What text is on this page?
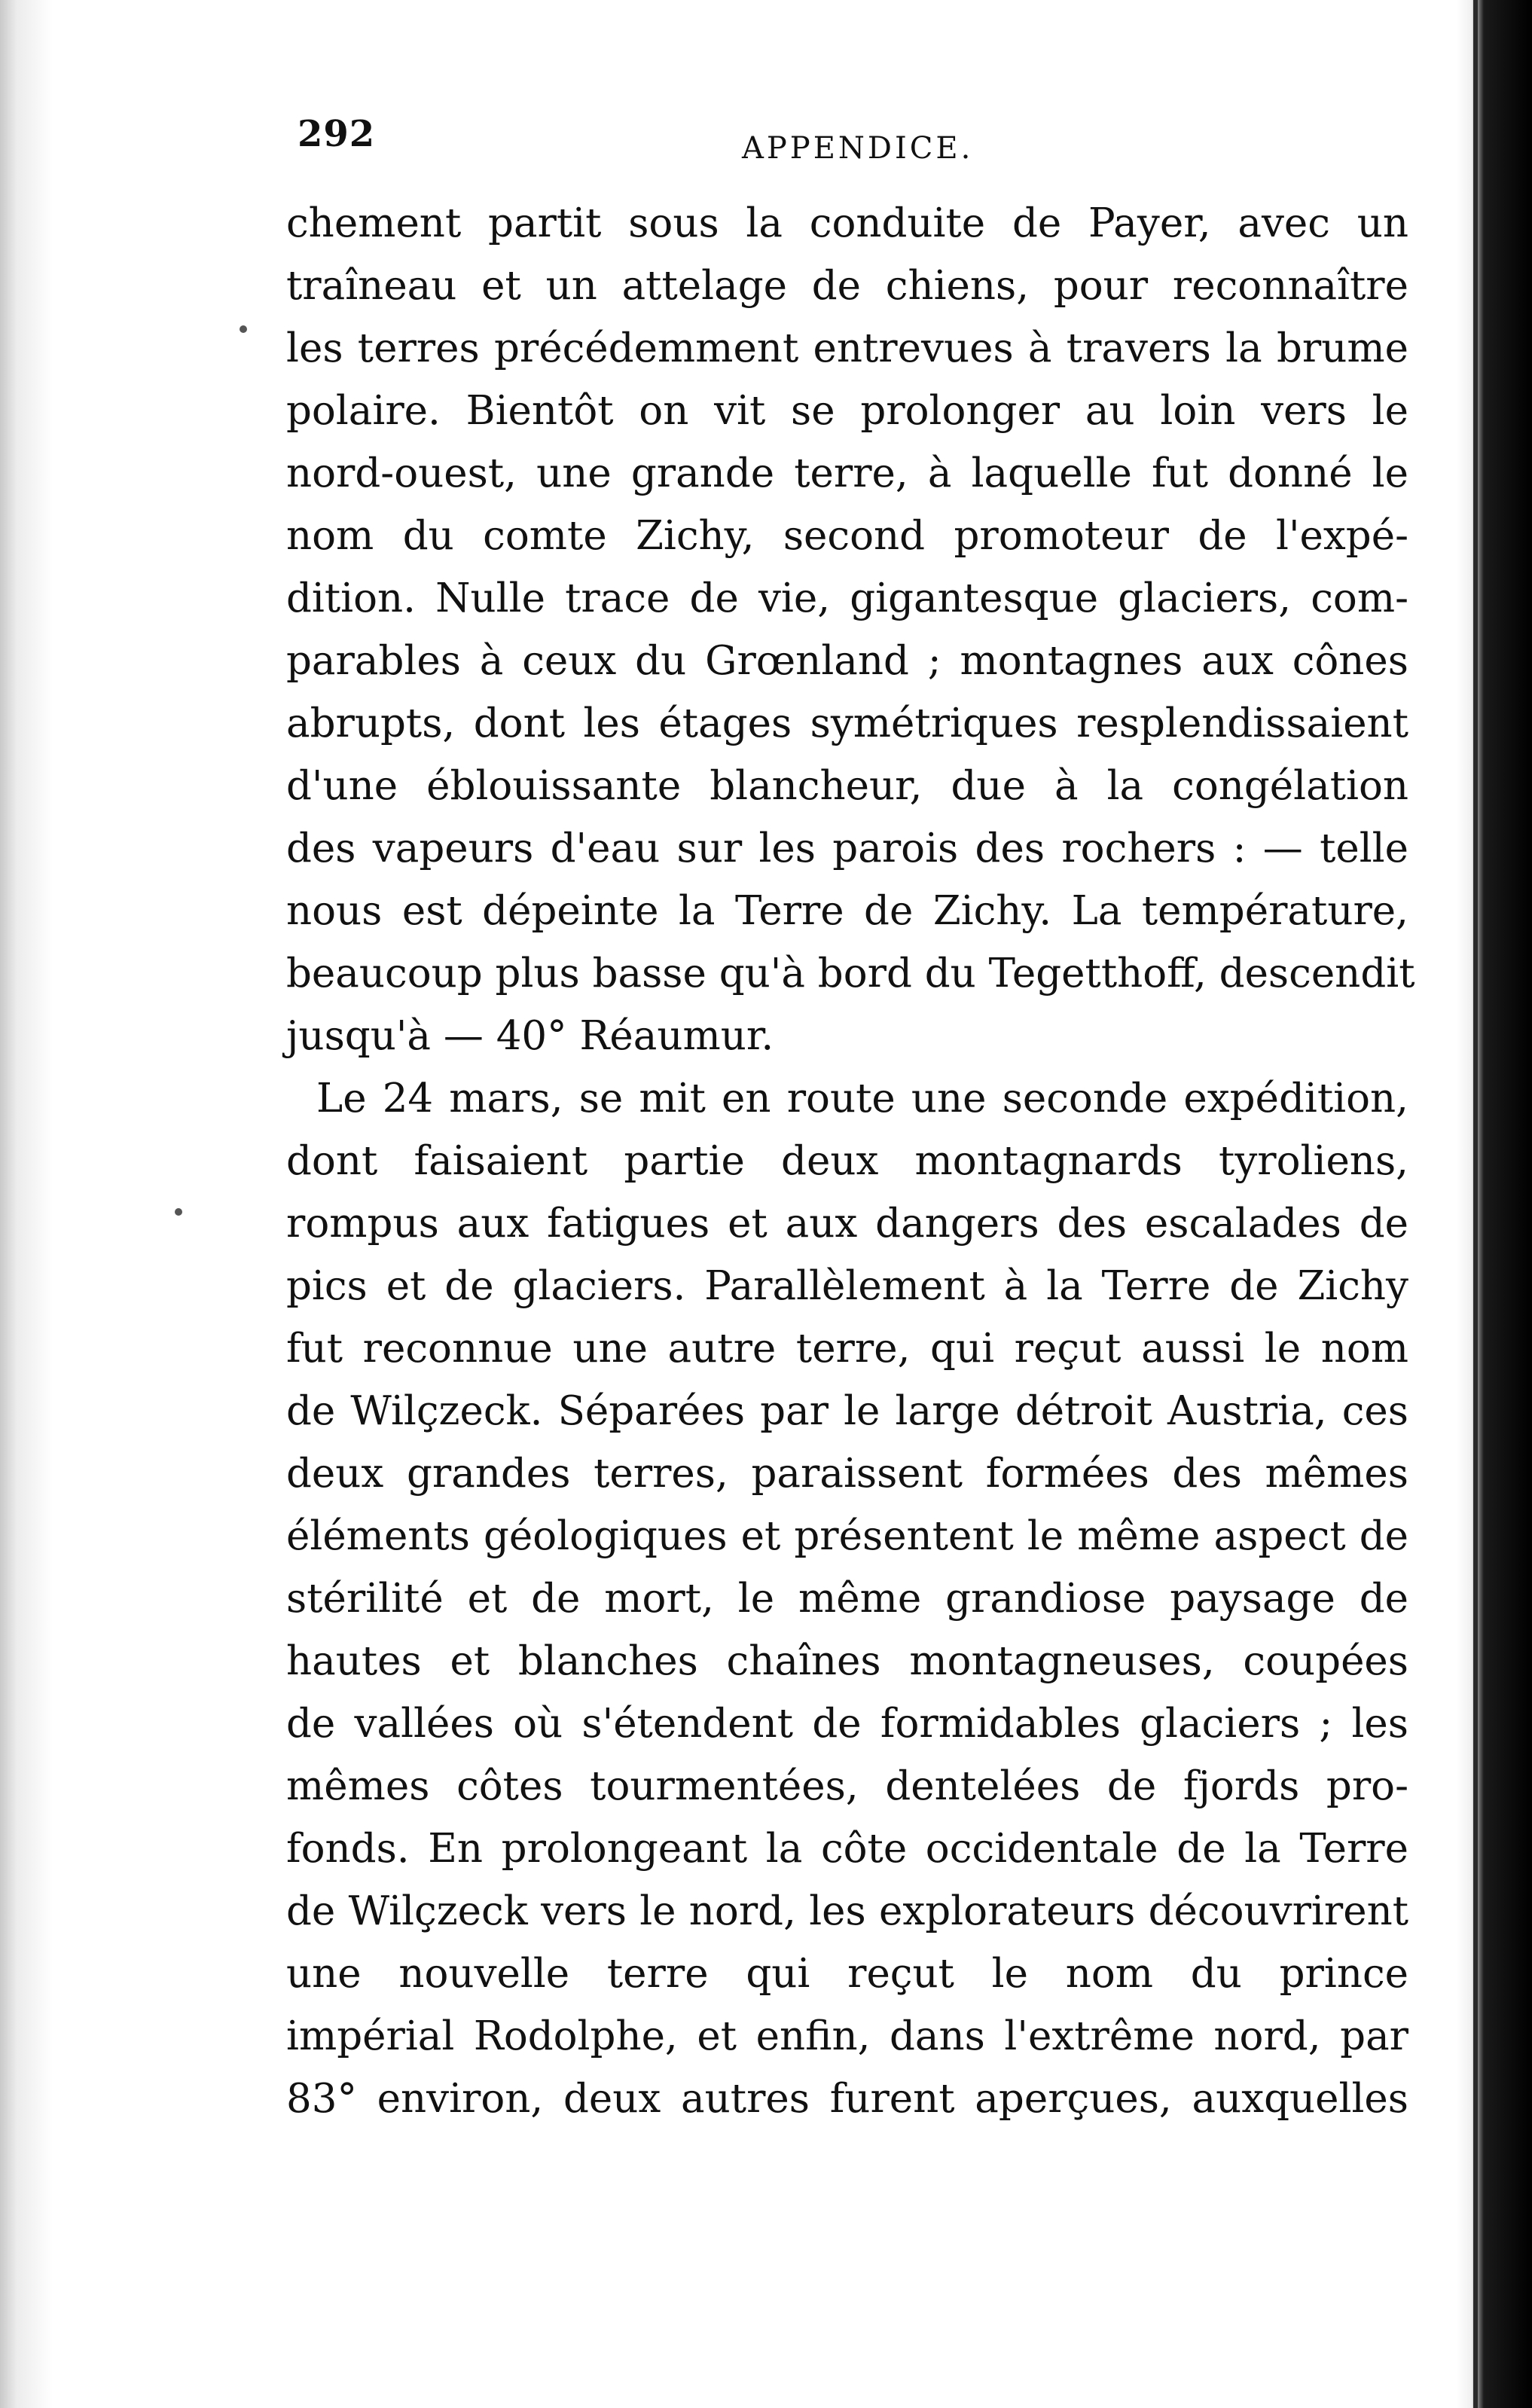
292	APPENDICE.
chement partit sous la conduite de Payer, avec un
traîneau et un attelage de chiens, pour reconnaître
les terres précédemment entrevues à travers la brume
polaire. Bientôt on vit se prolonger au loin vers le
nord-ouest, une grande terre, à laquelle fut donné le
nom du comte Zichy, second promoteur de l'expé-
dition. Nulle trace de vie, gigantesque glaciers, com-
parables à ceux du Grœnland ; montagnes aux cônes
abrupts, dont les étages symétriques resplendissaient
d'une éblouissante blancheur, due à la congélation
des vapeurs d'eau sur les parois des rochers : — telle
nous est dépeinte la Terre de Zichy. La température,
beaucoup plus basse qu'à bord du Tegetthoff, descendit
jusqu'à — 40° Réaumur.
Le 24 mars, se mit en route une seconde expédition,
dont faisaient partie deux montagnards tyroliens,
rompus aux fatigues et aux dangers des escalades de
pics et de glaciers. Parallèlement à la Terre de Zichy
fut reconnue une autre terre, qui reçut aussi le nom
de Wilçzeck. Séparées par le large détroit Austria, ces
deux grandes terres, paraissent formées des mêmes
éléments géologiques et présentent le même aspect de
stérilité et de mort, le même grandiose paysage de
hautes et blanches chaînes montagneuses, coupées
de vallées où s'étendent de formidables glaciers ; les
mêmes côtes tourmentées, dentelées de fjords pro-
fonds. En prolongeant la côte occidentale de la Terre
de Wilçzeck vers le nord, les explorateurs découvrirent
une nouvelle terre qui reçut le nom du prince
impérial Rodolphe, et enfin, dans l'extrême nord, par
83° environ, deux autres furent aperçues, auxquelles
